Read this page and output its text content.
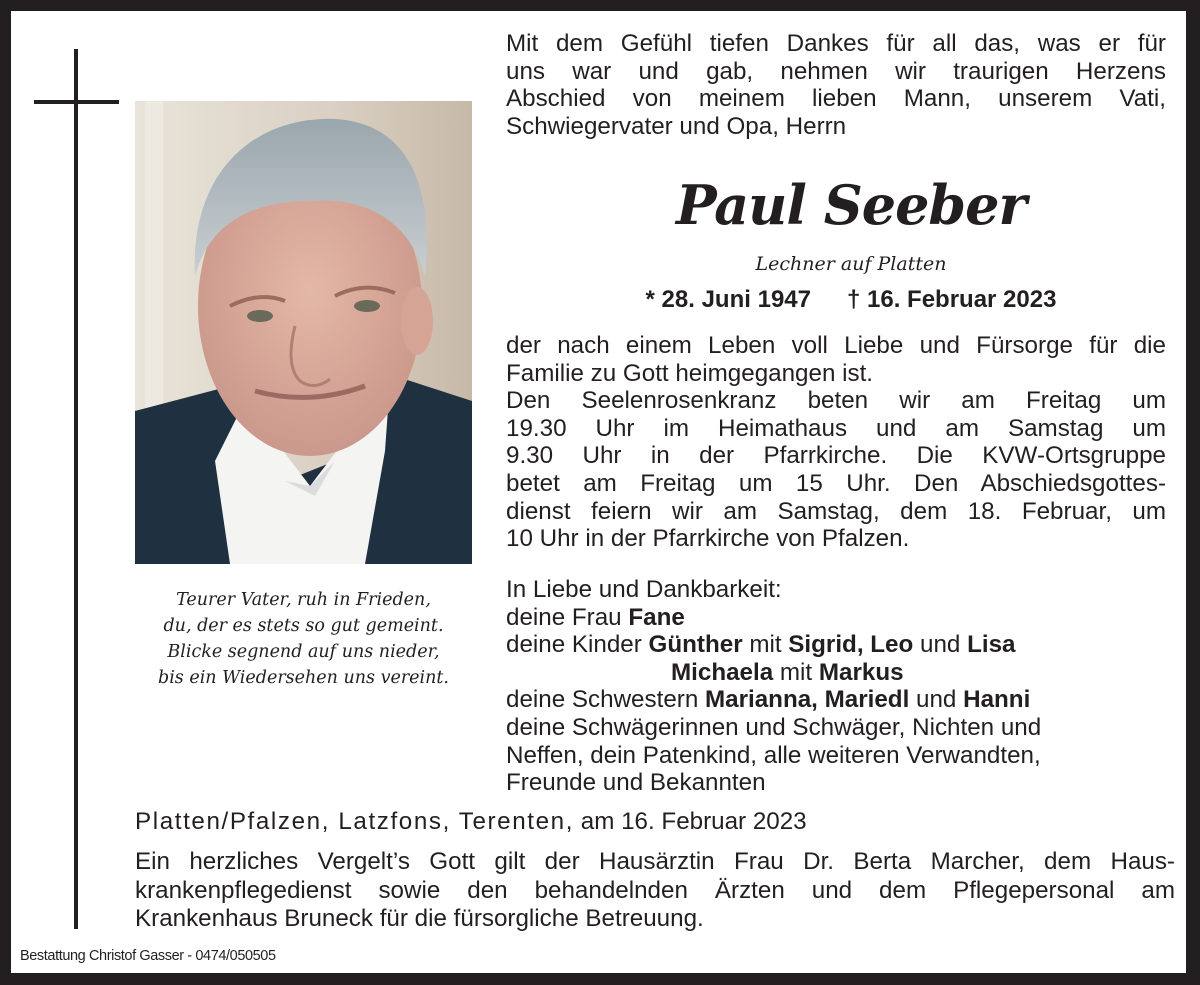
Teurer Vater, ruh in Frieden,
du, der es stets so gut gemeint.
Blicke segnend auf uns nieder,
bis ein Wiedersehen uns vereint.
Mit dem Gefühl tiefen Dankes für all das, was er für
uns war und gab, nehmen wir traurigen Herzens
Abschied von meinem lieben Mann, unserem Vati,
Schwiegervater und Opa, Herrn
Paul Seeber
Lechner auf Platten
* 28. Juni 1947 † 16. Februar 2023
der nach einem Leben voll Liebe und Fürsorge für die
Familie zu Gott heimgegangen ist.
Den Seelenrosenkranz beten wir am Freitag um
19.30 Uhr im Heimathaus und am Samstag um
9.30 Uhr in der Pfarrkirche. Die KVW-Ortsgruppe
betet am Freitag um 15 Uhr. Den Abschiedsgottes-
dienst feiern wir am Samstag, dem 18. Februar, um
10 Uhr in der Pfarrkirche von Pfalzen.
In Liebe und Dankbarkeit:
deine Frau Fane
deine Kinder Günther mit Sigrid, Leo und Lisa
Michaela mit Markus
deine Schwestern Marianna, Mariedl und Hanni
deine Schwägerinnen und Schwäger, Nichten und
Neffen, dein Patenkind, alle weiteren Verwandten,
Freunde und Bekannten
Platten/Pfalzen, Latzfons, Terenten, am 16. Februar 2023
Ein herzliches Vergelt’s Gott gilt der Hausärztin Frau Dr. Berta Marcher, dem Haus-
krankenpflegedienst sowie den behandelnden Ärzten und dem Pflegepersonal am
Krankenhaus Bruneck für die fürsorgliche Betreuung.
Bestattung Christof Gasser - 0474/050505
